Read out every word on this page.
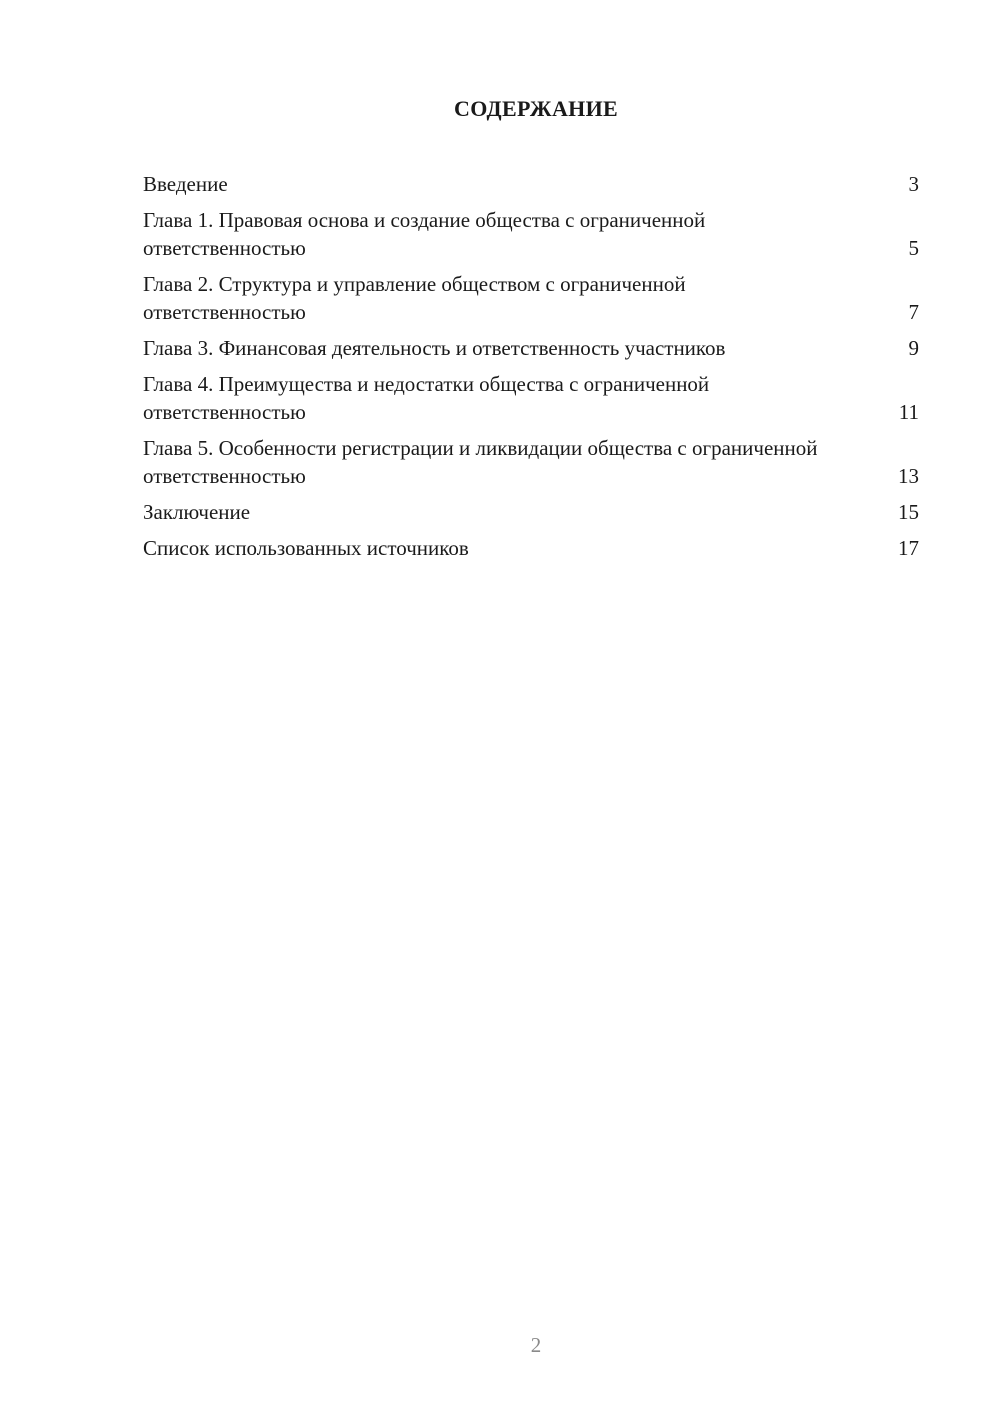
СОДЕРЖАНИЕ
Введение	3
Глава 1. Правовая основа и создание общества с ограниченной ответственностью	5
Глава 2. Структура и управление обществом с ограниченной ответственностью	7
Глава 3. Финансовая деятельность и ответственность участников	9
Глава 4. Преимущества и недостатки общества с ограниченной ответственностью	11
Глава 5. Особенности регистрации и ликвидации общества с ограниченной ответственностью	13
Заключение	15
Список использованных источников	17
2
